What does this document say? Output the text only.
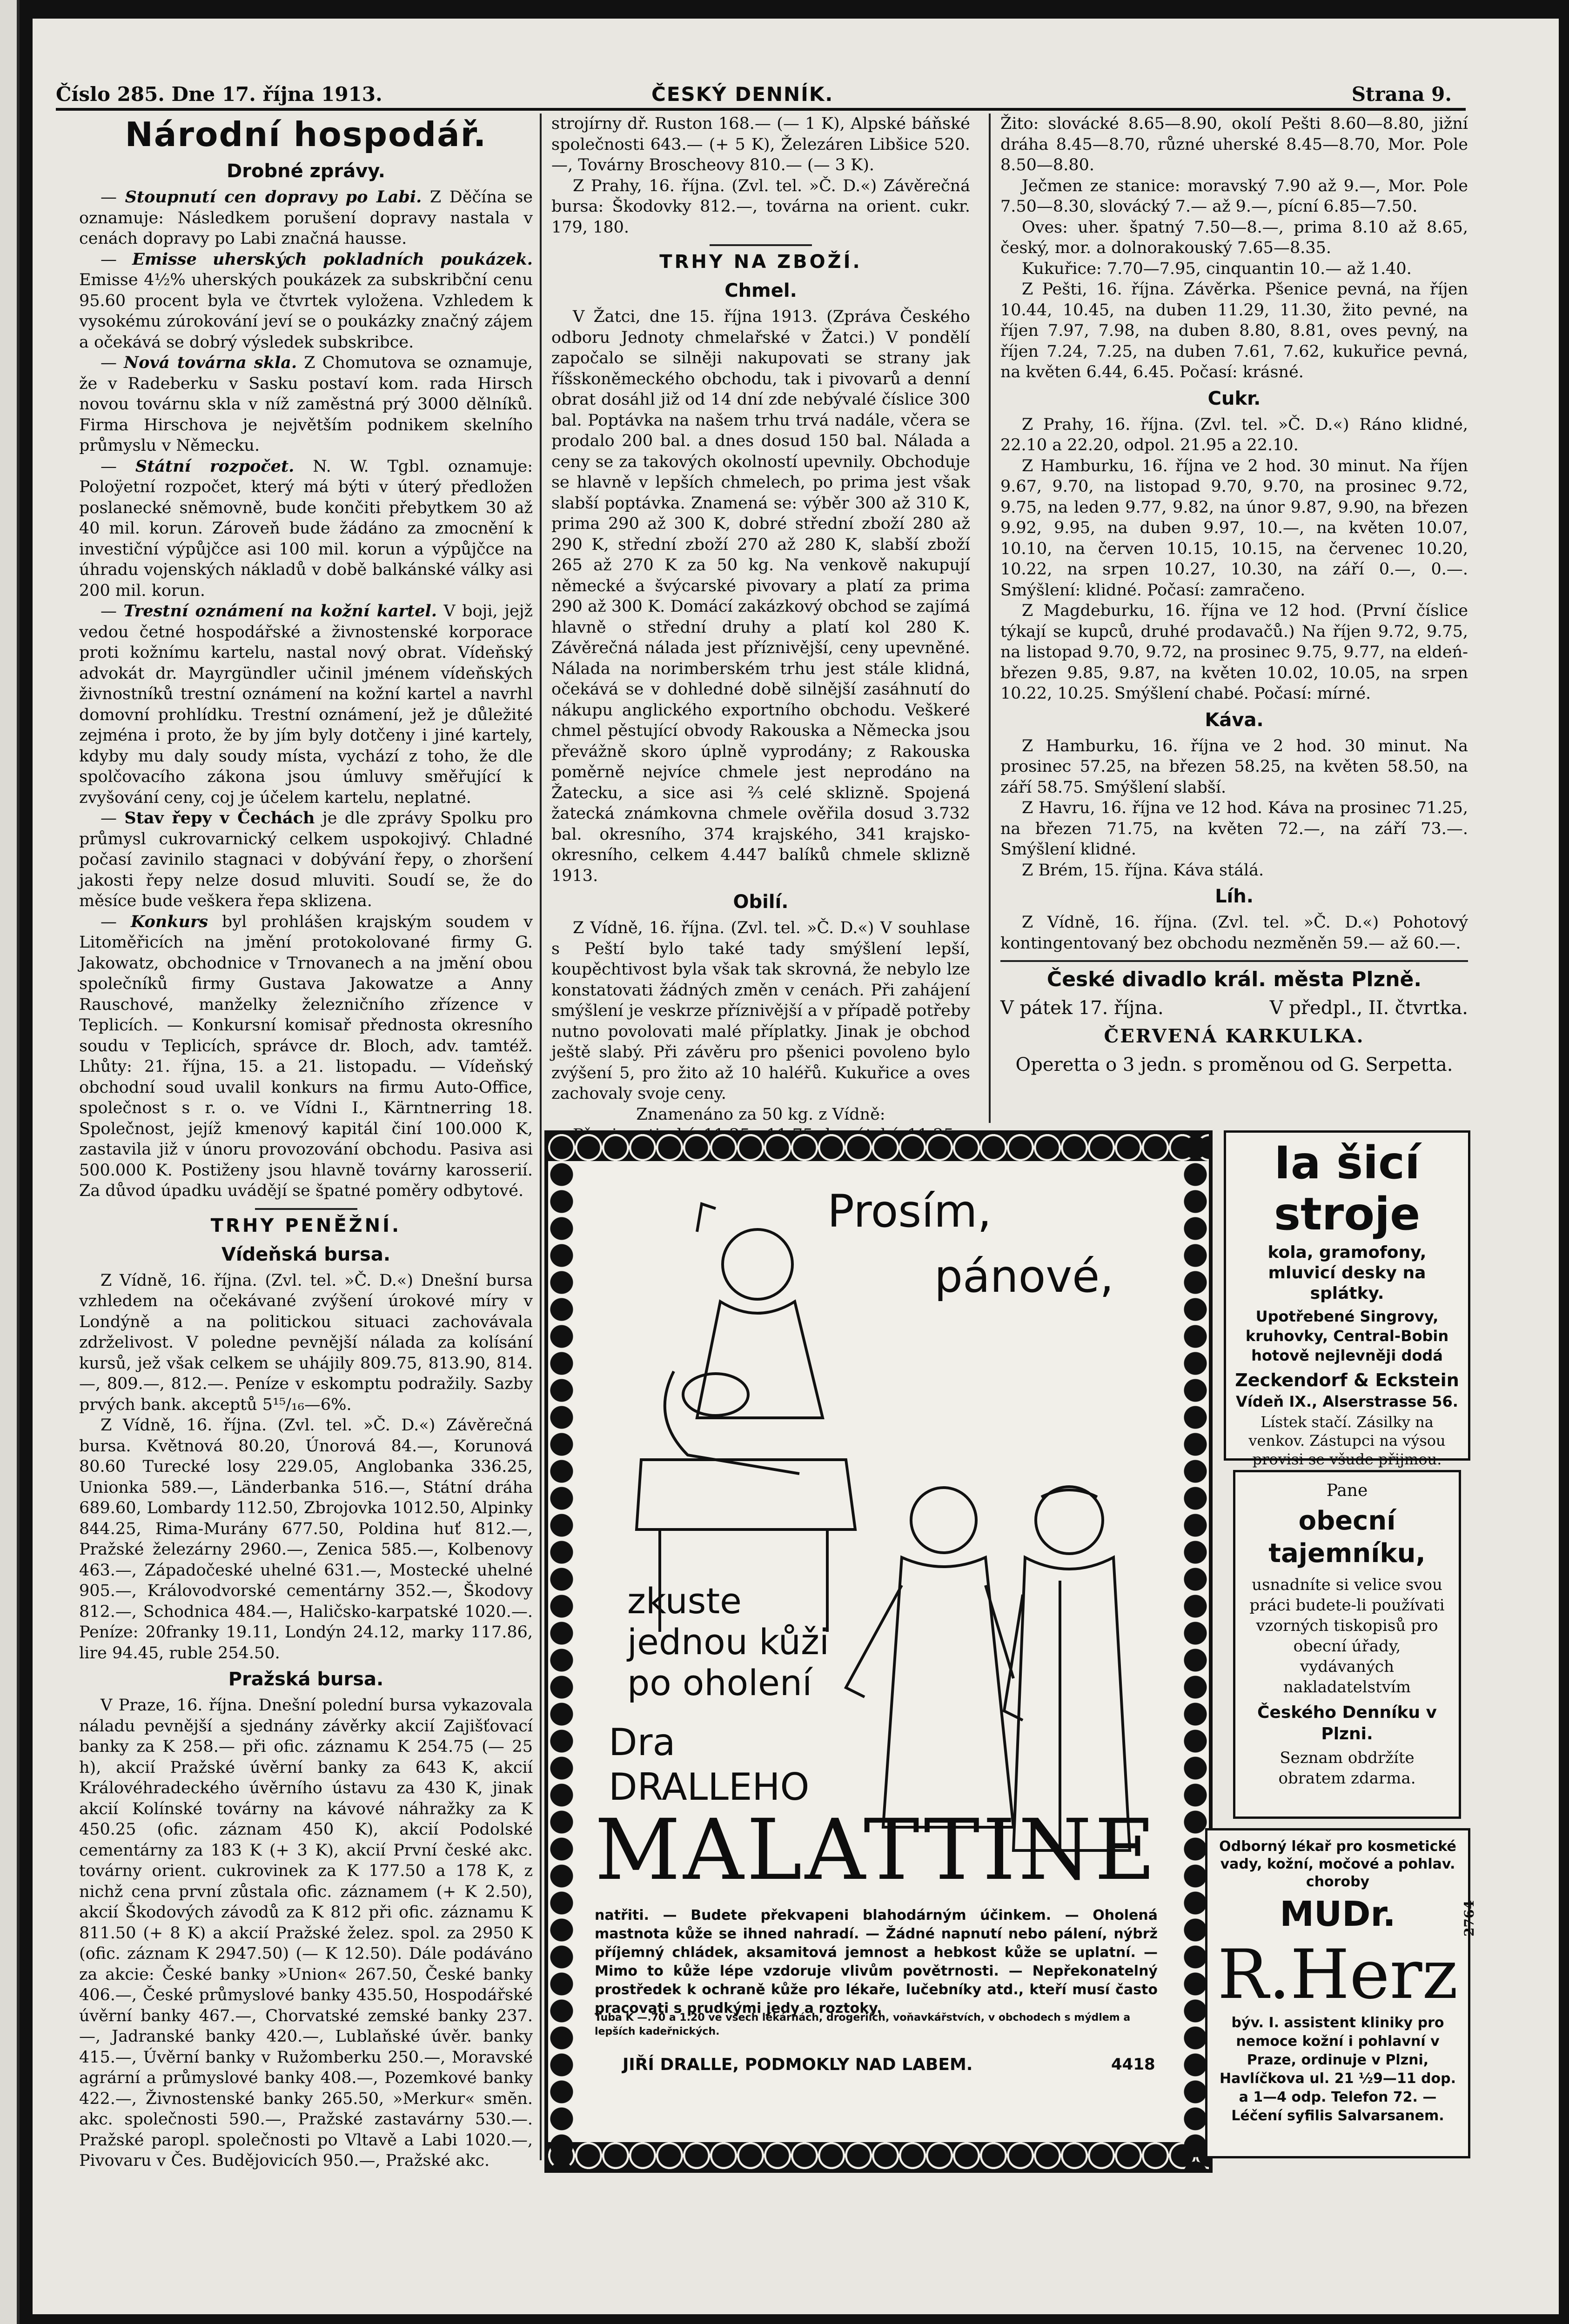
Číslo 285. Dne 17. října 1913.	ČESKÝ DENNÍK.	Strana 9.
Národní hospodář.
Drobné zprávy.

— Stoupnutí cen dopravy po Labi. Z Děčína se oznamuje: Následkem porušení dopravy nastala v cenách dopravy po Labi značná hausse.

— Emisse uherských pokladních poukázek. Emisse 4½% uherských poukázek za subskribční cenu 95.60 procent byla ve čtvrtek vyložena. Vzhledem k vysokému zúrokování jeví se o poukázky značný zájem a očekává se dobrý výsledek subskribce.

— Nová továrna skla. Z Chomutova se oznamuje, že v Radeberku v Sasku postaví kom. rada Hirsch novou továrnu skla v níž zaměstná prý 3000 dělníků. Firma Hirschova je největším podnikem skelního průmyslu v Německu.

— Státní rozpočet. N. W. Tgbl. oznamuje: Poloÿetní rozpočet, který má býti v úterý předložen poslanecké sněmovně, bude končiti přebytkem 30 až 40 mil. korun. Zároveň bude žádáno za zmocnění k investiční výpůjčce asi 100 mil. korun a výpůjčce na úhradu vojenských nákladů v době balkánské války asi 200 mil. korun.

— Trestní oznámení na kožní kartel. V boji, jejž vedou četné hospodářské a živnostenské korporace proti kožnímu kartelu, nastal nový obrat. Vídeňský advokát dr. Mayrgündler učinil jménem vídeňských živnostníků trestní oznámení na kožní kartel a navrhl domovní prohlídku. Trestní oznámení, jež je důležité zejména i proto, že by jím byly dotčeny i jiné kartely, kdyby mu daly soudy místa, vychází z toho, že dle spolčovacího zákona jsou úmluvy směřující k zvyšování ceny, coj je účelem kartelu, neplatné.

— Stav řepy v Čechách je dle zprávy Spolku pro průmysl cukrovarnický celkem uspokojivý. Chladné počasí zavinilo stagnaci v dobývání řepy, o zhoršení jakosti řepy nelze dosud mluviti. Soudí se, že do měsíce bude veškera řepa sklizena.

— Konkurs byl prohlášen krajským soudem v Litoměřicích na jmění protokolované firmy G. Jakowatz, obchodnice v Trnovanech a na jmění obou společníků firmy Gustava Jakowatze a Anny Rauschové, manželky železničního zřízence v Teplicích. — Konkursní komisař přednosta okresního soudu v Teplicích, správce dr. Bloch, adv. tamtéž. Lhůty: 21. října, 15. a 21. listopadu. — Vídeňský obchodní soud uvalil konkurs na firmu Auto-Office, společnost s r. o. ve Vídni I., Kärntnerring 18. Společnost, jejíž kmenový kapitál činí 100.000 K, zastavila již v únoru provozování obchodu. Pasiva asi 500.000 K. Postiženy jsou hlavně továrny karosserií. Za důvod úpadku uvádějí se špatné poměry odbytové.

TRHY PENĚŽNÍ.
Vídeňská bursa.

Z Vídně, 16. října. (Zvl. tel. »Č. D.«) Dnešní bursa vzhledem na očekávané zvýšení úrokové míry v Londýně a na politickou situaci zachovávala zdrželivost. V poledne pevnější nálada za kolísání kursů, jež však celkem se uhájily 809.75, 813.90, 814.—, 809.—, 812.—. Peníze v eskomptu podražily. Sazby prvých bank. akceptů 5¹⁵/₁₆—6%.

Z Vídně, 16. října. (Zvl. tel. »Č. D.«) Závěrečná bursa. Květnová 80.20, Únorová 84.—, Korunová 80.60 Turecké losy 229.05, Anglobanka 336.25, Unionka 589.—, Länderbanka 516.—, Státní dráha 689.60, Lombardy 112.50, Zbrojovka 1012.50, Alpinky 844.25, Rima-Murány 677.50, Poldina huť 812.—, Pražské železárny 2960.—, Zenica 585.—, Kolbenovy 463.—, Západočeské uhelné 631.—, Mostecké uhelné 905.—, Královodvorské cementárny 352.—, Škodovy 812.—, Schodnica 484.—, Haličsko-karpatské 1020.—. Peníze: 20franky 19.11, Londýn 24.12, marky 117.86, lire 94.45, ruble 254.50.

Pražská bursa.

V Praze, 16. října. Dnešní polední bursa vykazovala náladu pevnější a sjednány závěrky akcií Zajišťovací banky za K 258.— při ofic. záznamu K 254.75 (— 25 h), akcií Pražské úvěrní banky za 643 K, akcií Královéhradeckého úvěrního ústavu za 430 K, jinak akcií Kolínské továrny na kávové náhražky za K 450.25 (ofic. záznam 450 K), akcií Podolské cementárny za 183 K (+ 3 K), akcií První české akc. továrny orient. cukrovinek za K 177.50 a 178 K, z nichž cena první zůstala ofic. záznamem (+ K 2.50), akcií Škodových závodů za K 812 při ofic. záznamu K 811.50 (+ 8 K) a akcií Pražské želez. spol. za 2950 K (ofic. záznam K 2947.50) (— K 12.50). Dále podáváno za akcie: České banky »Union« 267.50, České banky 406.—, České průmyslové banky 435.50, Hospodářské úvěrní banky 467.—, Chorvatské zemské banky 237.—, Jadranské banky 420.—, Lublaňské úvěr. banky 415.—, Úvěrní banky v Ružomberku 250.—, Moravské agrární a průmyslové banky 408.—, Pozemkové banky 422.—, Živnostenské banky 265.50, »Merkur« smĕn. akc. společnosti 590.—, Pražské zastavárny 530.—. Pražské paropl. společnosti po Vltavě a Labi 1020.—, Pivovaru v Čes. Budějovicích 950.—, Pražské akc.

strojírny dř. Ruston 168.— (— 1 K), Alpské báňské společnosti 643.— (+ 5 K), Železáren Libšice 520.—, Továrny Broscheovy 810.— (— 3 K).

Z Prahy, 16. října. (Zvl. tel. »Č. D.«) Závěrečná bursa: Škodovky 812.—, továrna na orient. cukr. 179, 180.

TRHY NA ZBOŽÍ.
Chmel.

V Žatci, dne 15. října 1913. (Zpráva Českého odboru Jednoty chmelařské v Žatci.) V pondělí započalo se silněji nakupovati se strany jak říšskoněmeckého obchodu, tak i pivovarů a denní obrat dosáhl již od 14 dní zde nebývalé číslice 300 bal. Poptávka na našem trhu trvá nadále, včera se prodalo 200 bal. a dnes dosud 150 bal. Nálada a ceny se za takových okolností upevnily. Obchoduje se hlavně v lepších chmelech, po prima jest však slabší poptávka. Znamená se: výběr 300 až 310 K, prima 290 až 300 K, dobré střední zboží 280 až 290 K, střední zboží 270 až 280 K, slabší zboží 265 až 270 K za 50 kg. Na venkově nakupují německé a švýcarské pivovary a platí za prima 290 až 300 K. Domácí zakázkový obchod se zajímá hlavně o střední druhy a platí kol 280 K. Závěrečná nálada jest příznivější, ceny upevněné. Nálada na norimberském trhu jest stále klidná, očekává se v dohledné době silnější zasáhnutí do nákupu anglického exportního obchodu. Veškeré chmel pěstující obvody Rakouska a Německa jsou převážně skoro úplně vyprodány; z Rakouska poměrně nejvíce chmele jest neprodáno na Žatecku, a sice asi ⅔ celé sklizně. Spojená žatecká známkovna chmele ověřila dosud 3.732 bal. okresního, 374 krajského, 341 krajsko-okresního, celkem 4.447 balíků chmele sklizně 1913.

Obilí.

Z Vídně, 16. října. (Zvl. tel. »Č. D.«) V souhlase s Peští bylo také tady smýšlení lepší, koupěchtivost byla však tak skrovná, že nebylo lze konstatovati žádných změn v cenách. Při zahájení smýšlení je veskrze příznivější a v případě potřeby nutno povolovati malé příplatky. Jinak je obchod ještě slabý. Při závěru pro pšenici povoleno bylo zvýšení 5, pro žito až 10 haléřů. Kukuřice a oves zachovaly svoje ceny.

Znamenáno za 50 kg. z Vídně:

Žito: slovácké 8.65—8.90, okolí Pešti 8.60—8.80, jižní dráha 8.45—8.70, různé uherské 8.45—8.70, Mor. Pole 8.50—8.80.

Ječmen ze stanice: moravský 7.90 až 9.—, Mor. Pole 7.50—8.30, slovácký 7.— až 9.—, pícní 6.85—7.50.

Oves: uher. špatný 7.50—8.—, prima 8.10 až 8.65, český, mor. a dolnorakouský 7.65—8.35.

Kukuřice: 7.70—7.95, cinquantin 10.— až 1.40.

Z Pešti, 16. října. Závěrka. Pšenice pevná, na říjen 10.44, 10.45, na duben 11.29, 11.30, žito pevné, na říjen 7.97, 7.98, na duben 8.80, 8.81, oves pevný, na říjen 7.24, 7.25, na duben 7.61, 7.62, kukuřice pevná, na květen 6.44, 6.45. Počasí: krásné.

Cukr.

Z Prahy, 16. října. (Zvl. tel. »Č. D.«) Ráno klidné, 22.10 a 22.20, odpol. 21.95 a 22.10.

Z Hamburku, 16. října ve 2 hod. 30 minut. Na říjen 9.67, 9.70, na listopad 9.70, 9.70, na prosinec 9.72, 9.75, na leden 9.77, 9.82, na únor 9.87, 9.90, na březen 9.92, 9.95, na duben 9.97, 10.—, na květen 10.07, 10.10, na červen 10.15, 10.15, na červenec 10.20, 10.22, na srpen 10.27, 10.30, na září 0.—, 0.—. Smýšlení: klidné. Počasí: zamračeno.

Z Magdeburku, 16. října ve 12 hod. (První číslice týkají se kupců, druhé prodavačů.) Na říjen 9.72, 9.75, na listopad 9.70, 9.72, na prosinec 9.75, 9.77, na eldeń-březen 9.85, 9.87, na květen 10.02, 10.05, na srpen 10.22, 10.25. Smýšlení chabé. Počasí: mírné.

Káva.

Z Hamburku, 16. října ve 2 hod. 30 minut. Na prosinec 57.25, na březen 58.25, na květen 58.50, na září 58.75. Smýšlení slabší.

Z Havru, 16. října ve 12 hod. Káva na prosinec 71.25, na březen 71.75, na květen 72.—, na září 73.—. Smýšlení klidné.

Z Brém, 15. října. Káva stálá.

Líh.

Z Vídně, 16. října. (Zvl. tel. »Č. D.«) Pohotový kontingentovaný bez obchodu nezměněn 59.— až 60.—.

České divadlo král. města Plzně.
V pátek 17. října.	V předpl., II. čtvrtka.
ČERVENÁ KARKULKA.
Operetta o 3 jedn. s proměnou od G. Serpetta.
Prosím,
pánové,
zkuste
jednou kůži
po oholení
Dra
DRALLEHO
MALATTINE
natřiti. — Budete překvapeni blahodárným účinkem. — Oholená mastnota kůže se ihned nahradí. — Žádné napnutí nebo pálení, nýbrž příjemný chládek, aksamitová jemnost a hebkost kůže se uplatní. — Mimo to kůže lépe vzdoruje vlivům povětrnosti. — Nepřekonatelný prostředek k ochraně kůže pro lékaře, lučebníky atd., kteří musí často pracovati s prudkými jedy a roztoky.
Tuba K —.70 a 1.20 ve všech lékárnách, drogeriích, voňavkářstvích, v obchodech s mýdlem a lepších kadeřnických.
JIŘÍ DRALLE, PODMOKLY NAD LABEM.	4418
Ia šicí stroje
kola, gramofony, mluvicí desky na splátky.
Upotřebené Singrovy, kruhovky, Central-Bobin hotově nejlevněji dodá
Zeckendorf & Eckstein
Vídeň IX., Alserstrasse 56.
Lístek stačí. Zásilky na venkov. Zástupci na výsou provisi se všude přijmou.
Pane
obecní tajemníku,
usnadníte si velice svou práci budete-li používati vzorných tiskopisů pro obecní úřady, vydávaných nakladatelstvím
Českého Denníku v Plzni.
Seznam obdržíte obratem zdarma.
Odborný lékař pro kosmetické vady, kožní, močové a pohlav. choroby
MUDr.
R.Herz
2764
býv. I. assistent kliniky pro nemoce kožní i pohlavní v Praze, ordinuje v Plzni, Havlíčkova ul. 21 ½9—11 dop. a 1—4 odp. Telefon 72. — Léčení syfilis Salvarsanem.
